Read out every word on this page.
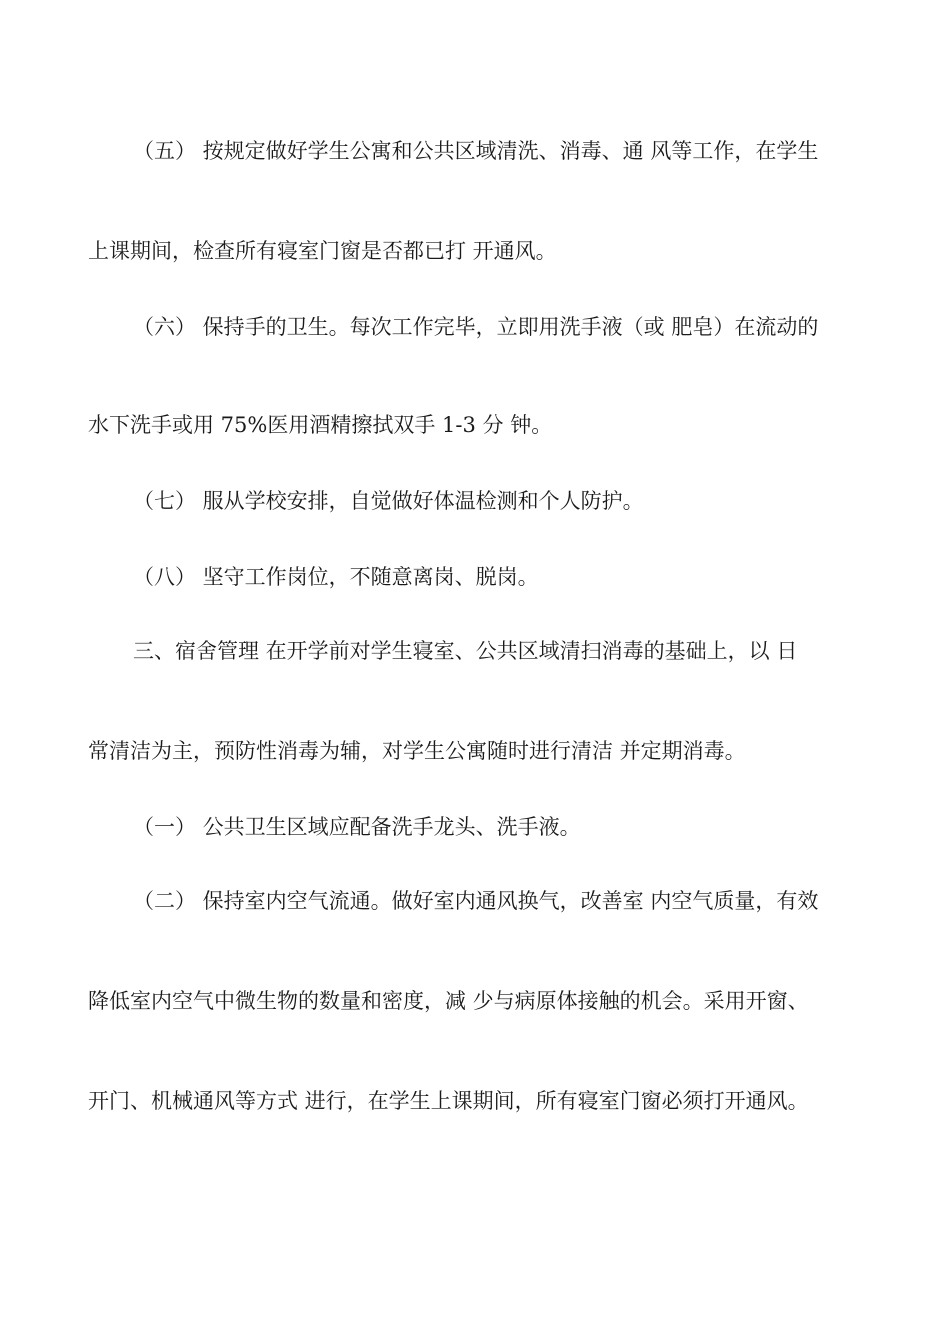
（五） 按规定做好学生公寓和公共区域清洗、消毒、通 风等工作，在学生
上课期间，检查所有寝室门窗是否都已打 开通风。
（六） 保持手的卫生。每次工作完毕，立即用洗手液（或 肥皂）在流动的
水下洗手或用 75%医用酒精擦拭双手 1-3 分 钟。
（七） 服从学校安排，自觉做好体温检测和个人防护。
（八） 坚守工作岗位，不随意离岗、脱岗。
三、宿舍管理 在开学前对学生寝室、公共区域清扫消毒的基础上，以 日
常清洁为主，预防性消毒为辅，对学生公寓随时进行清洁 并定期消毒。
（一） 公共卫生区域应配备洗手龙头、洗手液。
（二） 保持室内空气流通。做好室内通风换气，改善室 内空气质量，有效
降低室内空气中微生物的数量和密度，减 少与病原体接触的机会。采用开窗、
开门、机械通风等方式 进行，在学生上课期间，所有寝室门窗必须打开通风。
